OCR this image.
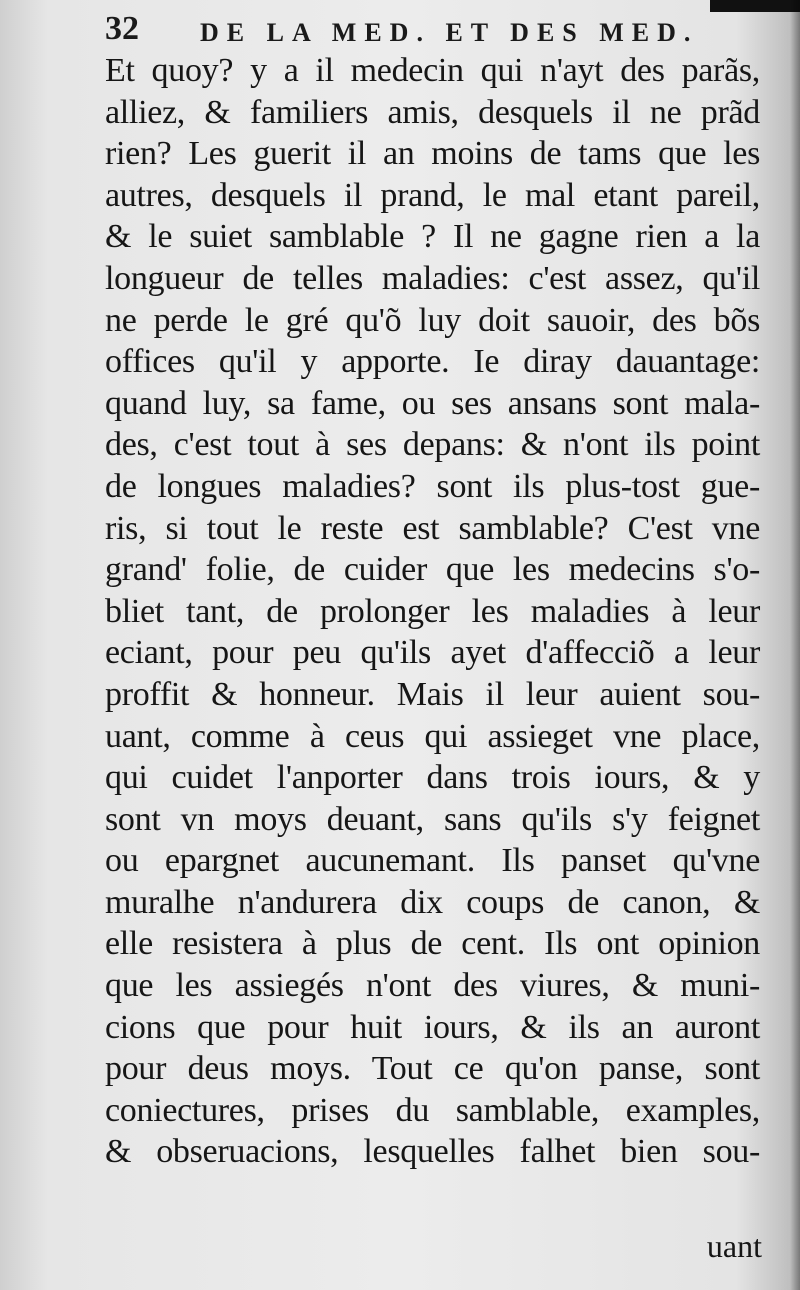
32 DE LA MED. ET DES MED.
Et quoy? y a il medecin qui n'ayt des parãs,
alliez, & familiers amis, desquels il ne prãd
rien? Les guerit il an moins de tams que les
autres, desquels il prand, le mal etant pareil,
& le suiet samblable ? Il ne gagne rien a la
longueur de telles maladies: c'est assez, qu'il
ne perde le gré qu'õ luy doit sauoir, des bõs
offices qu'il y apporte. Ie diray dauantage:
quand luy, sa fame, ou ses ansans sont mala-
des, c'est tout à ses depans: & n'ont ils point
de longues maladies? sont ils plus-tost gue-
ris, si tout le reste est samblable? C'est vne
grand' folie, de cuider que les medecins s'o-
bliet tant, de prolonger les maladies à leur
eciant, pour peu qu'ils ayet d'affecciõ a leur
proffit & honneur. Mais il leur auient sou-
uant, comme à ceus qui assieget vne place,
qui cuidet l'anporter dans trois iours, & y
sont vn moys deuant, sans qu'ils s'y feignet
ou epargnet aucunemant. Ils panset qu'vne
muralhe n'andurera dix coups de canon, &
elle resistera à plus de cent. Ils ont opinion
que les assiegés n'ont des viures, & muni-
cions que pour huit iours, & ils an auront
pour deus moys. Tout ce qu'on panse, sont
coniectures, prises du samblable, examples,
& obseruacions, lesquelles falhet bien sou-
uant
